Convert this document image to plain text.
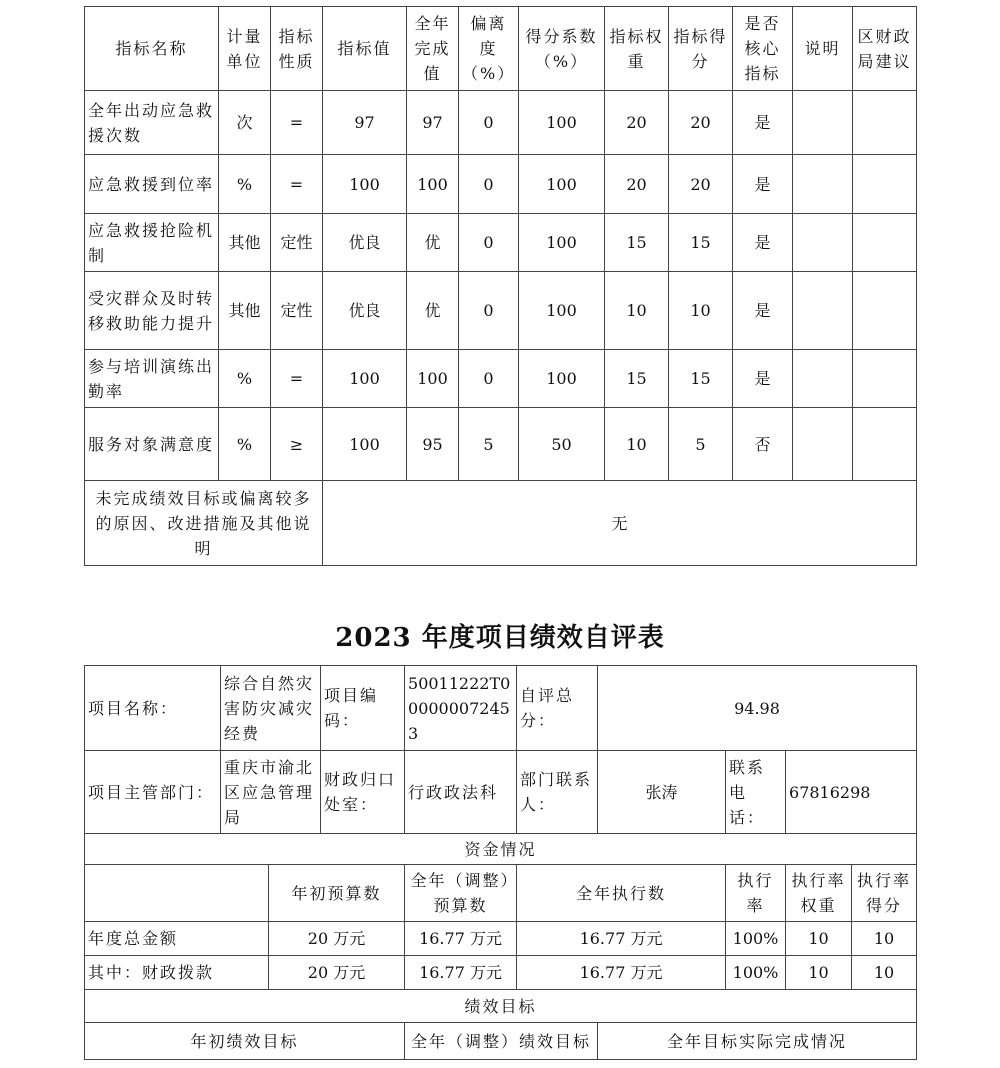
指标名称	计量单位	指标性质	指标值	全年完成值	偏离度（%）	得分系数（%）	指标权重	指标得分	是否核心指标	说明	区财政局建议
全年出动应急救援次数	次	=	97	97	0	100	20	20	是		
应急救援到位率	%	=	100	100	0	100	20	20	是		
应急救援抢险机制	其他	定性	优良	优	0	100	15	15	是		
受灾群众及时转移救助能力提升	其他	定性	优良	优	0	100	10	10	是		
参与培训演练出勤率	%	=	100	100	0	100	15	15	是		
服务对象满意度	%	≥	100	95	5	50	10	5	否		
未完成绩效目标或偏离较多的原因、改进措施及其他说明			无								
2023 年度项目绩效自评表
项目名称：	综合自然灾害防灾减灾经费		项目编码：	50011222T000000072453	自评总分：	94.98			
项目主管部门：	重庆市渝北区应急管理局		财政归口处室：	行政政法科	部门联系人：	张涛	联系电话：	67816298	
资金情况									
		年初预算数		全年（调整）预算数	全年执行数		执行率	执行率权重	执行率得分
年度总金额		20 万元		16.77 万元	16.77 万元		100%	10	10
其中：财政拨款		20 万元		16.77 万元	16.77 万元		100%	10	10
绩效目标									
年初绩效目标				全年（调整）绩效目标		全年目标实际完成情况			
